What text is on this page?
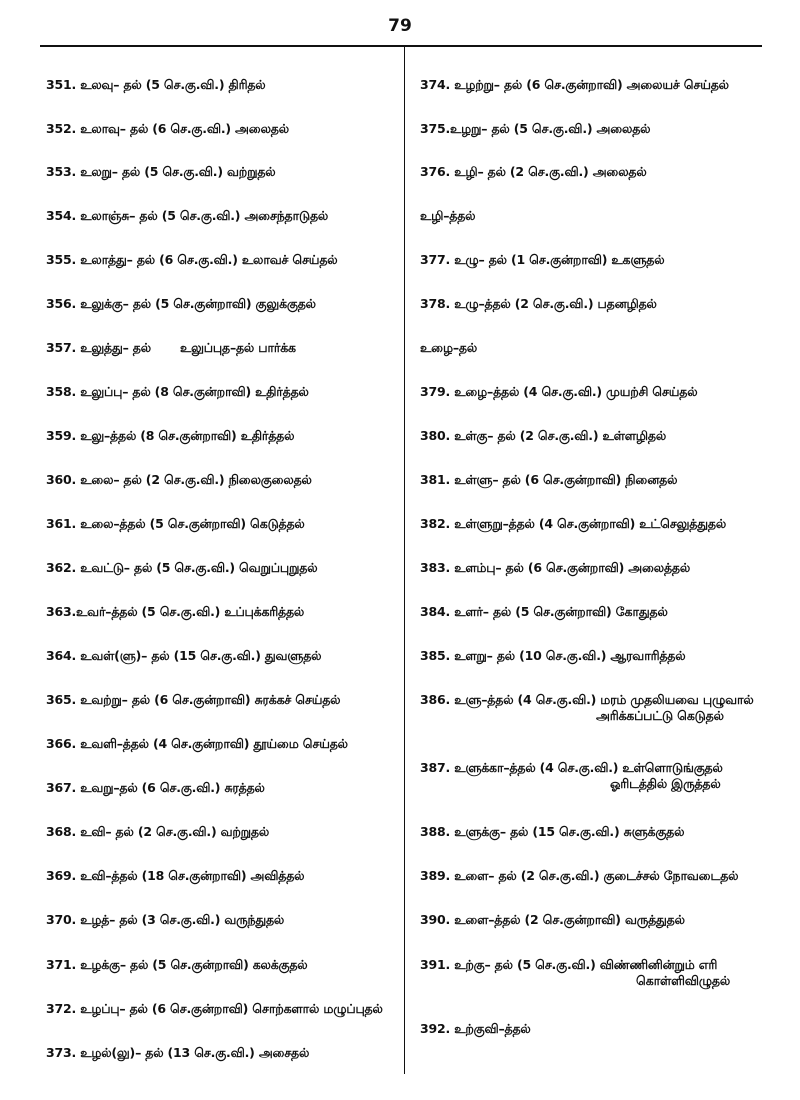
79
351. உலவு– தல் (5 செ.கு.வி.) திரிதல்
352. உலாவு– தல் (6 செ.கு.வி.) அலைதல்
353. உலறு– தல் (5 செ.கு.வி.) வற்றுதல்
354. உலாஞ்சு– தல் (5 செ.கு.வி.) அசைந்தாடுதல்
355. உலாத்து– தல் (6 செ.கு.வி.) உலாவச் செய்தல்
356. உலுக்கு– தல் (5 செ.குன்றாவி) குலுக்குதல்
357. உலுத்து– தல்       உலுப்புத–தல் பார்க்க
358. உலுப்பு– தல் (8 செ.குன்றாவி) உதிர்த்தல்
359. உலு–த்தல் (8 செ.குன்றாவி) உதிர்த்தல்
360. உலை– தல் (2 செ.கு.வி.) நிலைகுலைதல்
361. உலை–த்தல் (5 செ.குன்றாவி) கெடுத்தல்
362. உவட்டு– தல் (5 செ.கு.வி.) வெறுப்புறுதல்
363.உவர்–த்தல் (5 செ.கு.வி.) உப்புக்கரித்தல்
364. உவள்(ளு)– தல் (15 செ.கு.வி.) துவளுதல்
365. உவற்று– தல் (6 செ.குன்றாவி) சுரக்கச் செய்தல்
366. உவளி–த்தல் (4 செ.குன்றாவி) தூய்மை செய்தல்
367. உவறு–தல் (6 செ.கு.வி.) சுரத்தல்
368. உவி– தல் (2 செ.கு.வி.) வற்றுதல்
369. உவி–த்தல் (18 செ.குன்றாவி) அவித்தல்
370. உழத்– தல் (3 செ.கு.வி.) வருந்துதல்
371. உழக்கு– தல் (5 செ.குன்றாவி) கலக்குதல்
372. உழப்பு– தல் (6 செ.குன்றாவி) சொற்களால் மழுப்புதல்
373. உழல்(லு)– தல் (13 செ.கு.வி.) அசைதல்
374. உழற்று– தல் (6 செ.குன்றாவி) அலையச் செய்தல்
375.உழறு– தல் (5 செ.கு.வி.) அலைதல்
376. உழி– தல் (2 செ.கு.வி.) அலைதல்
உழி–த்தல்
377. உழு– தல் (1 செ.குன்றாவி) உகளுதல்
378. உழு–த்தல் (2 செ.கு.வி.) பதனழிதல்
உழை–தல்
379. உழை–த்தல் (4 செ.கு.வி.) முயற்சி செய்தல்
380. உள்கு– தல் (2 செ.கு.வி.) உள்ளழிதல்
381. உள்ளு– தல் (6 செ.குன்றாவி) நினைதல்
382. உள்ளுறு–த்தல் (4 செ.குன்றாவி) உட்செலுத்துதல்
383. உளம்பு– தல் (6 செ.குன்றாவி) அலைத்தல்
384. உளர்– தல் (5 செ.குன்றாவி) கோதுதல்
385. உளறு– தல் (10 செ.கு.வி.) ஆரவாரித்தல்
386. உளு–த்தல் (4 செ.கு.வி.) மரம் முதலியவை புழுவால்
அரிக்கப்பட்டு கெடுதல்
387. உளுக்கா–த்தல் (4 செ.கு.வி.) உள்ளொடுங்குதல்
ஓரிடத்தில் இருத்தல்
388. உளுக்கு– தல் (15 செ.கு.வி.) சுளுக்குதல்
389. உளை– தல் (2 செ.கு.வி.) குடைச்சல் நோவடைதல்
390. உளை–த்தல் (2 செ.குன்றாவி) வருத்துதல்
391. உற்கு– தல் (5 செ.கு.வி.) விண்ணினின்றும் எரி
கொள்ளிவிழுதல்
392. உற்குவி–த்தல்
